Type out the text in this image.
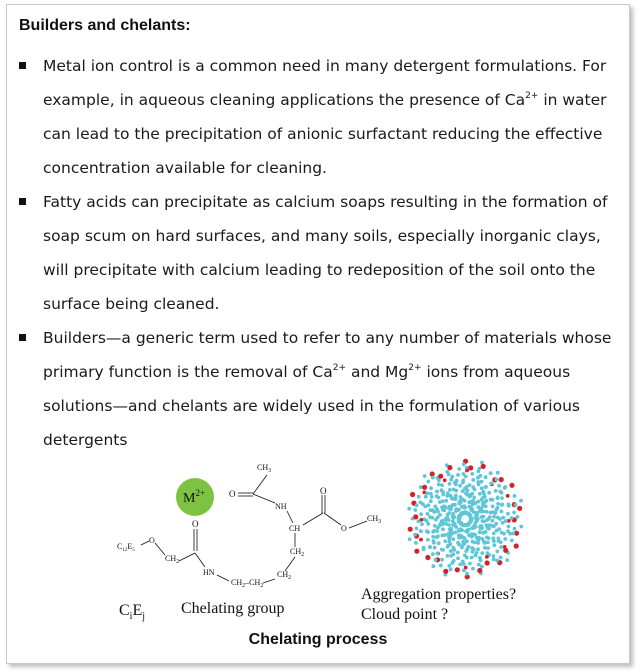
Builders and chelants:
Metal ion control is a common need in many detergent formulations. For example, in aqueous cleaning applications the presence of $Ca^{2+}$ in water can lead to the precipitation of anionic surfactant reducing the effective concentration available for cleaning.
Fatty acids can precipitate as calcium soaps resulting in the formation of soap scum on hard surfaces, and many soils, especially inorganic clays, will precipitate with calcium leading to redeposition of the soil onto the surface being cleaned.
Builders—a generic term used to refer to any number of materials whose primary function is the removal of $Ca^{2+}$ and $Mg^{2+}$ ions from aqueous solutions—and chelants are widely used in the formulation of various detergents
$M^{2+}$
$CH_3$
O
NH
CH
O
O
$CH_3$
$CH_2$
$CH_2$
$CH_2-CH_2$
HN
O
$CH_2$
O
$C_{12}E_5$
$C_iE_j$ Chelating group
Aggregation properties?
Cloud point ?
Chelating process
